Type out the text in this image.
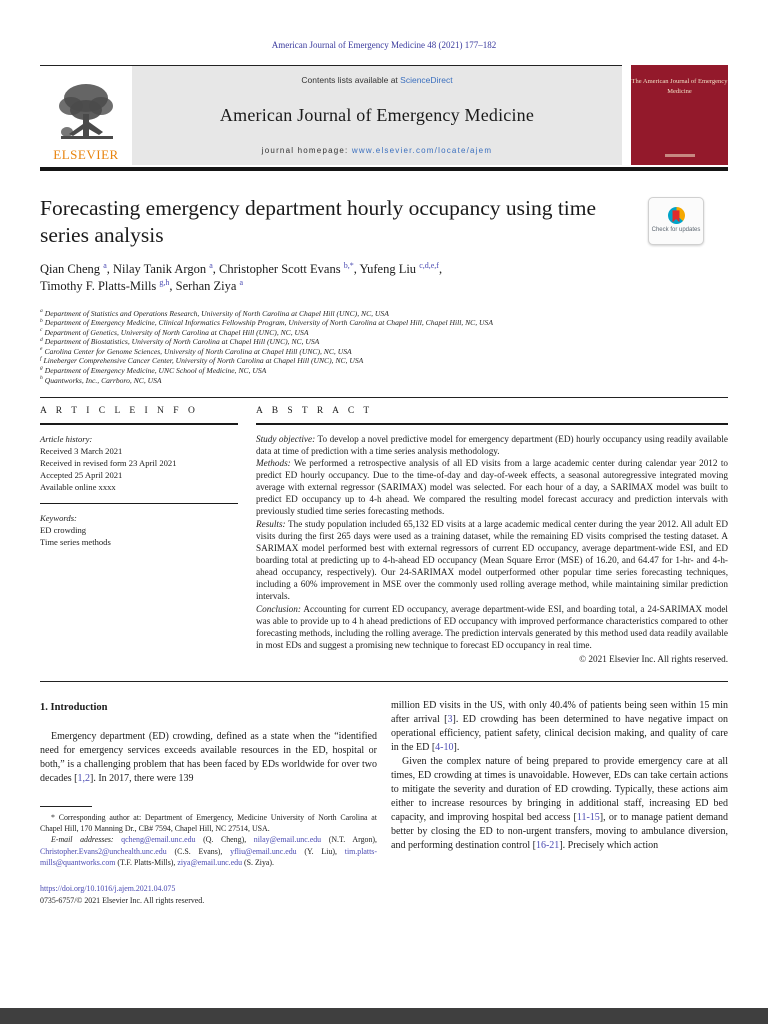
American Journal of Emergency Medicine 48 (2021) 177–182
ELSEVIER
Contents lists available at ScienceDirect
American Journal of Emergency Medicine
journal homepage: www.elsevier.com/locate/ajem
The American Journal of Emergency Medicine
Forecasting emergency department hourly occupancy using time series analysis	Check for updates
Qian Cheng $^a$, Nilay Tanik Argon $^a$, Christopher Scott Evans $^{b,*}$, Yufeng Liu $^{c,d,e,f}$,
Timothy F. Platts-Mills $^{g,h}$, Serhan Ziya $^a$
$^a$ Department of Statistics and Operations Research, University of North Carolina at Chapel Hill (UNC), NC, USA
$^b$ Department of Emergency Medicine, Clinical Informatics Fellowship Program, University of North Carolina at Chapel Hill, Chapel Hill, NC, USA
$^c$ Department of Genetics, University of North Carolina at Chapel Hill (UNC), NC, USA
$^d$ Department of Biostatistics, University of North Carolina at Chapel Hill (UNC), NC, USA
$^e$ Carolina Center for Genome Sciences, University of North Carolina at Chapel Hill (UNC), NC, USA
$^f$ Lineberger Comprehensive Cancer Center, University of North Carolina at Chapel Hill (UNC), NC, USA
$^g$ Department of Emergency Medicine, UNC School of Medicine, NC, USA
$^h$ Quantworks, Inc., Carrboro, NC, USA
A R T I C L E I N F O
Article history:
Received 3 March 2021
Received in revised form 23 April 2021
Accepted 25 April 2021
Available online xxxx
Keywords:
ED crowding
Time series methods
A B S T R A C T
Study objective: To develop a novel predictive model for emergency department (ED) hourly occupancy using readily available data at time of prediction with a time series analysis methodology.
Methods: We performed a retrospective analysis of all ED visits from a large academic center during calendar year 2012 to predict ED hourly occupancy. Due to the time-of-day and day-of-week effects, a seasonal autoregressive integrated moving average with external regressor (SARIMAX) model was selected. For each hour of a day, a SARIMAX model was built to predict ED occupancy up to 4-h ahead. We compared the resulting model forecast accuracy and prediction intervals with previously studied time series forecasting methods.
Results: The study population included 65,132 ED visits at a large academic medical center during the year 2012. All adult ED visits during the first 265 days were used as a training dataset, while the remaining ED visits comprised the testing dataset. A SARIMAX model performed best with external regressors of current ED occupancy, average department-wide ESI, and ED boarding total at predicting up to 4-h-ahead ED occupancy (Mean Square Error (MSE) of 16.20, and 64.47 for 1-hr- and 4-h- ahead occupancy, respectively). Our 24-SARIMAX model outperformed other popular time series forecasting techniques, including a 60% improvement in MSE over the commonly used rolling average method, while maintaining similar prediction intervals.
Conclusion: Accounting for current ED occupancy, average department-wide ESI, and boarding total, a 24-SARIMAX model was able to provide up to 4 h ahead predictions of ED occupancy with improved performance characteristics compared to other forecasting methods, including the rolling average. The prediction intervals generated by this method used data readily available in most EDs and suggest a promising new technique to forecast ED occupancy in real time.
© 2021 Elsevier Inc. All rights reserved.
1. Introduction
Emergency department (ED) crowding, defined as a state when the “identified need for emergency services exceeds available resources in the ED, hospital or both,” is a challenging problem that has been faced by EDs worldwide for over two decades [1,2]. In 2017, there were 139
* Corresponding author at: Department of Emergency, Medicine University of North Carolina at Chapel Hill, 170 Manning Dr., CB# 7594, Chapel Hill, NC 27514, USA.
E-mail addresses: qcheng@email.unc.edu (Q. Cheng), nilay@email.unc.edu (N.T. Argon), Christopher.Evans2@unchealth.unc.edu (C.S. Evans), yfliu@email.unc.edu (Y. Liu), tim.platts-mills@quantworks.com (T.F. Platts-Mills), ziya@email.unc.edu (S. Ziya).
https://doi.org/10.1016/j.ajem.2021.04.075
0735-6757/© 2021 Elsevier Inc. All rights reserved.
million ED visits in the US, with only 40.4% of patients being seen within 15 min after arrival [3]. ED crowding has been determined to have negative impact on operational efficiency, patient safety, clinical decision making, and quality of care in the ED [4-10].
Given the complex nature of being prepared to provide emergency care at all times, ED crowding at times is unavoidable. However, EDs can take certain actions to mitigate the severity and duration of ED crowding. Typically, these actions aim either to increase resources by bringing in additional staff, increasing ED bed capacity, and improving hospital bed access [11-15], or to manage patient demand better by closing the ED to non-urgent transfers, moving to ambulance diversion, and performing destination control [16-21]. Precisely which action
